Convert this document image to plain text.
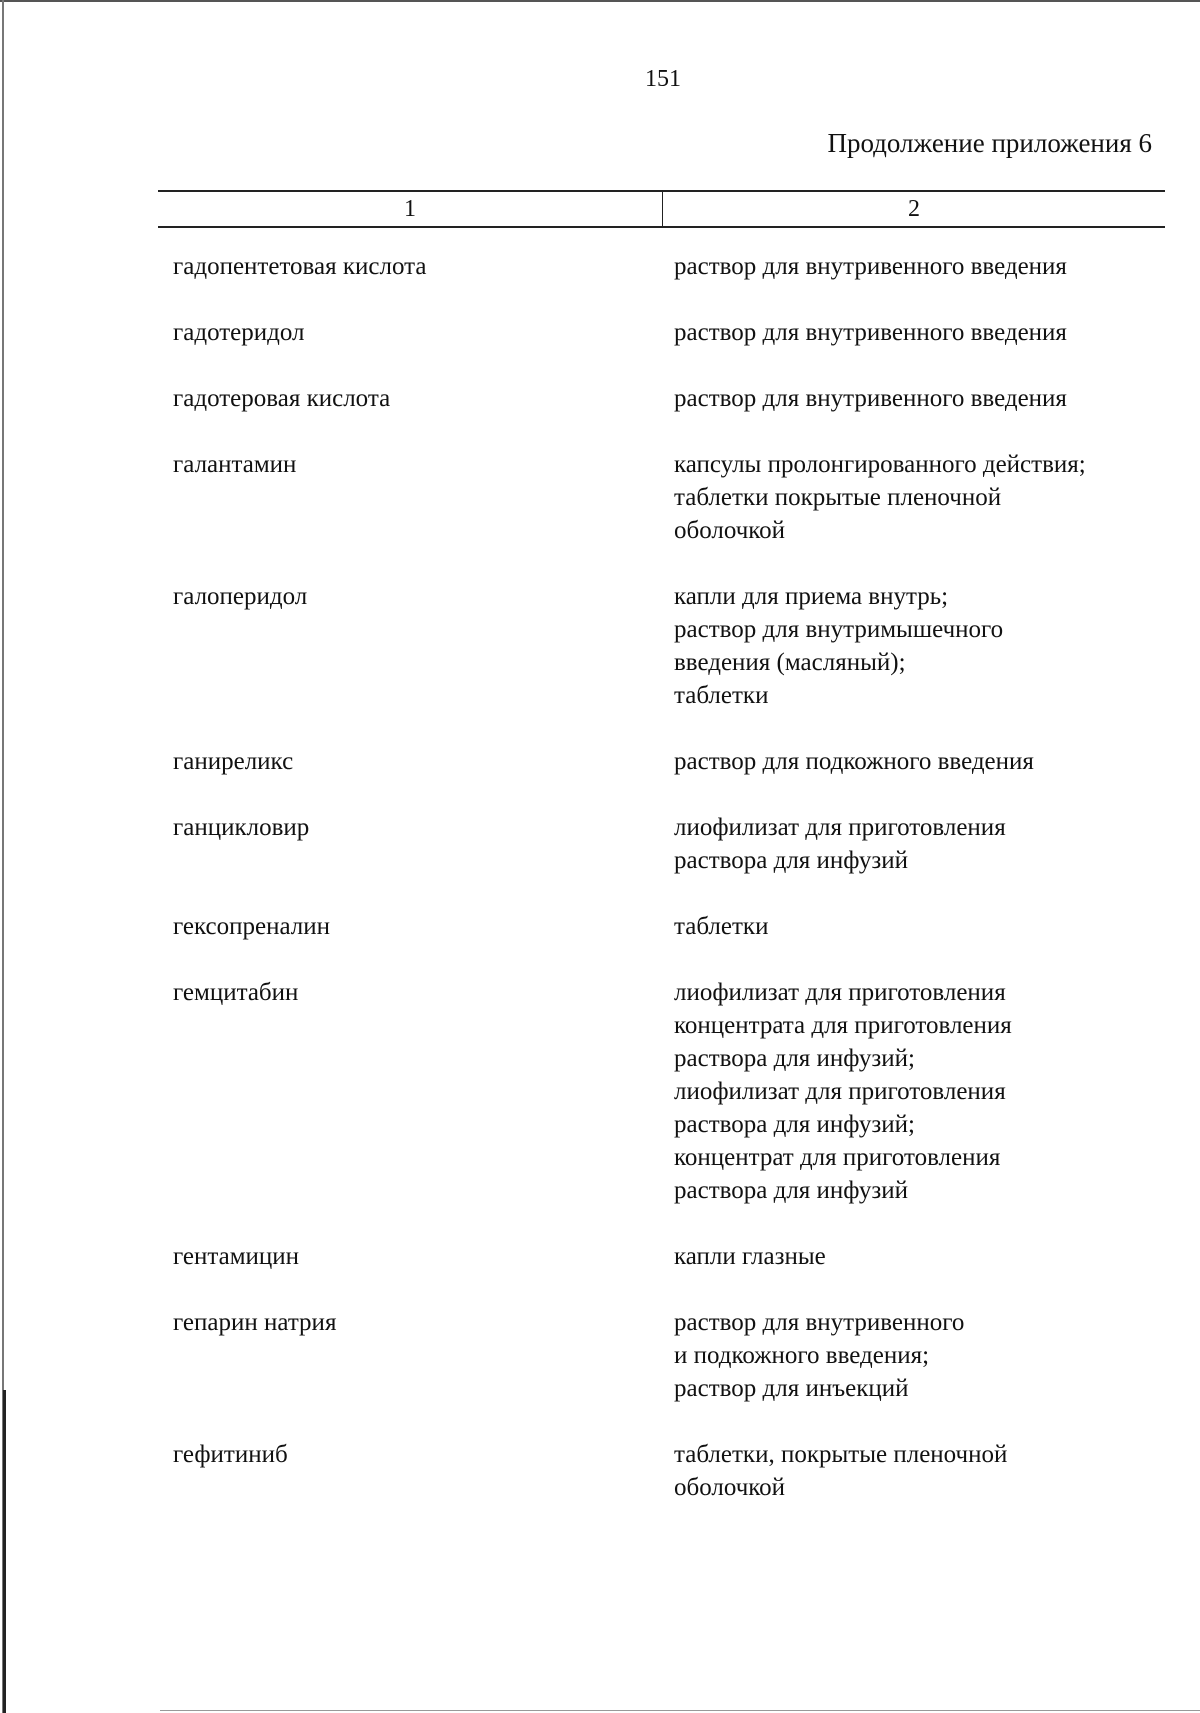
151
Продолжение приложения 6
1	2
гадопентетовая кислота	раствор для внутривенного введения
гадотеридол	раствор для внутривенного введения
гадотеровая кислота	раствор для внутривенного введения
галантамин	капсулы пролонгированного действия;
таблетки покрытые пленочной
оболочкой
галоперидол	капли для приема внутрь;
раствор для внутримышечного
введения (масляный);
таблетки
ганиреликс	раствор для подкожного введения
ганцикловир	лиофилизат для приготовления
раствора для инфузий
гексопреналин	таблетки
гемцитабин	лиофилизат для приготовления
концентрата для приготовления
раствора для инфузий;
лиофилизат для приготовления
раствора для инфузий;
концентрат для приготовления
раствора для инфузий
гентамицин	капли глазные
гепарин натрия	раствор для внутривенного
и подкожного введения;
раствор для инъекций
гефитиниб	таблетки, покрытые пленочной
оболочкой
